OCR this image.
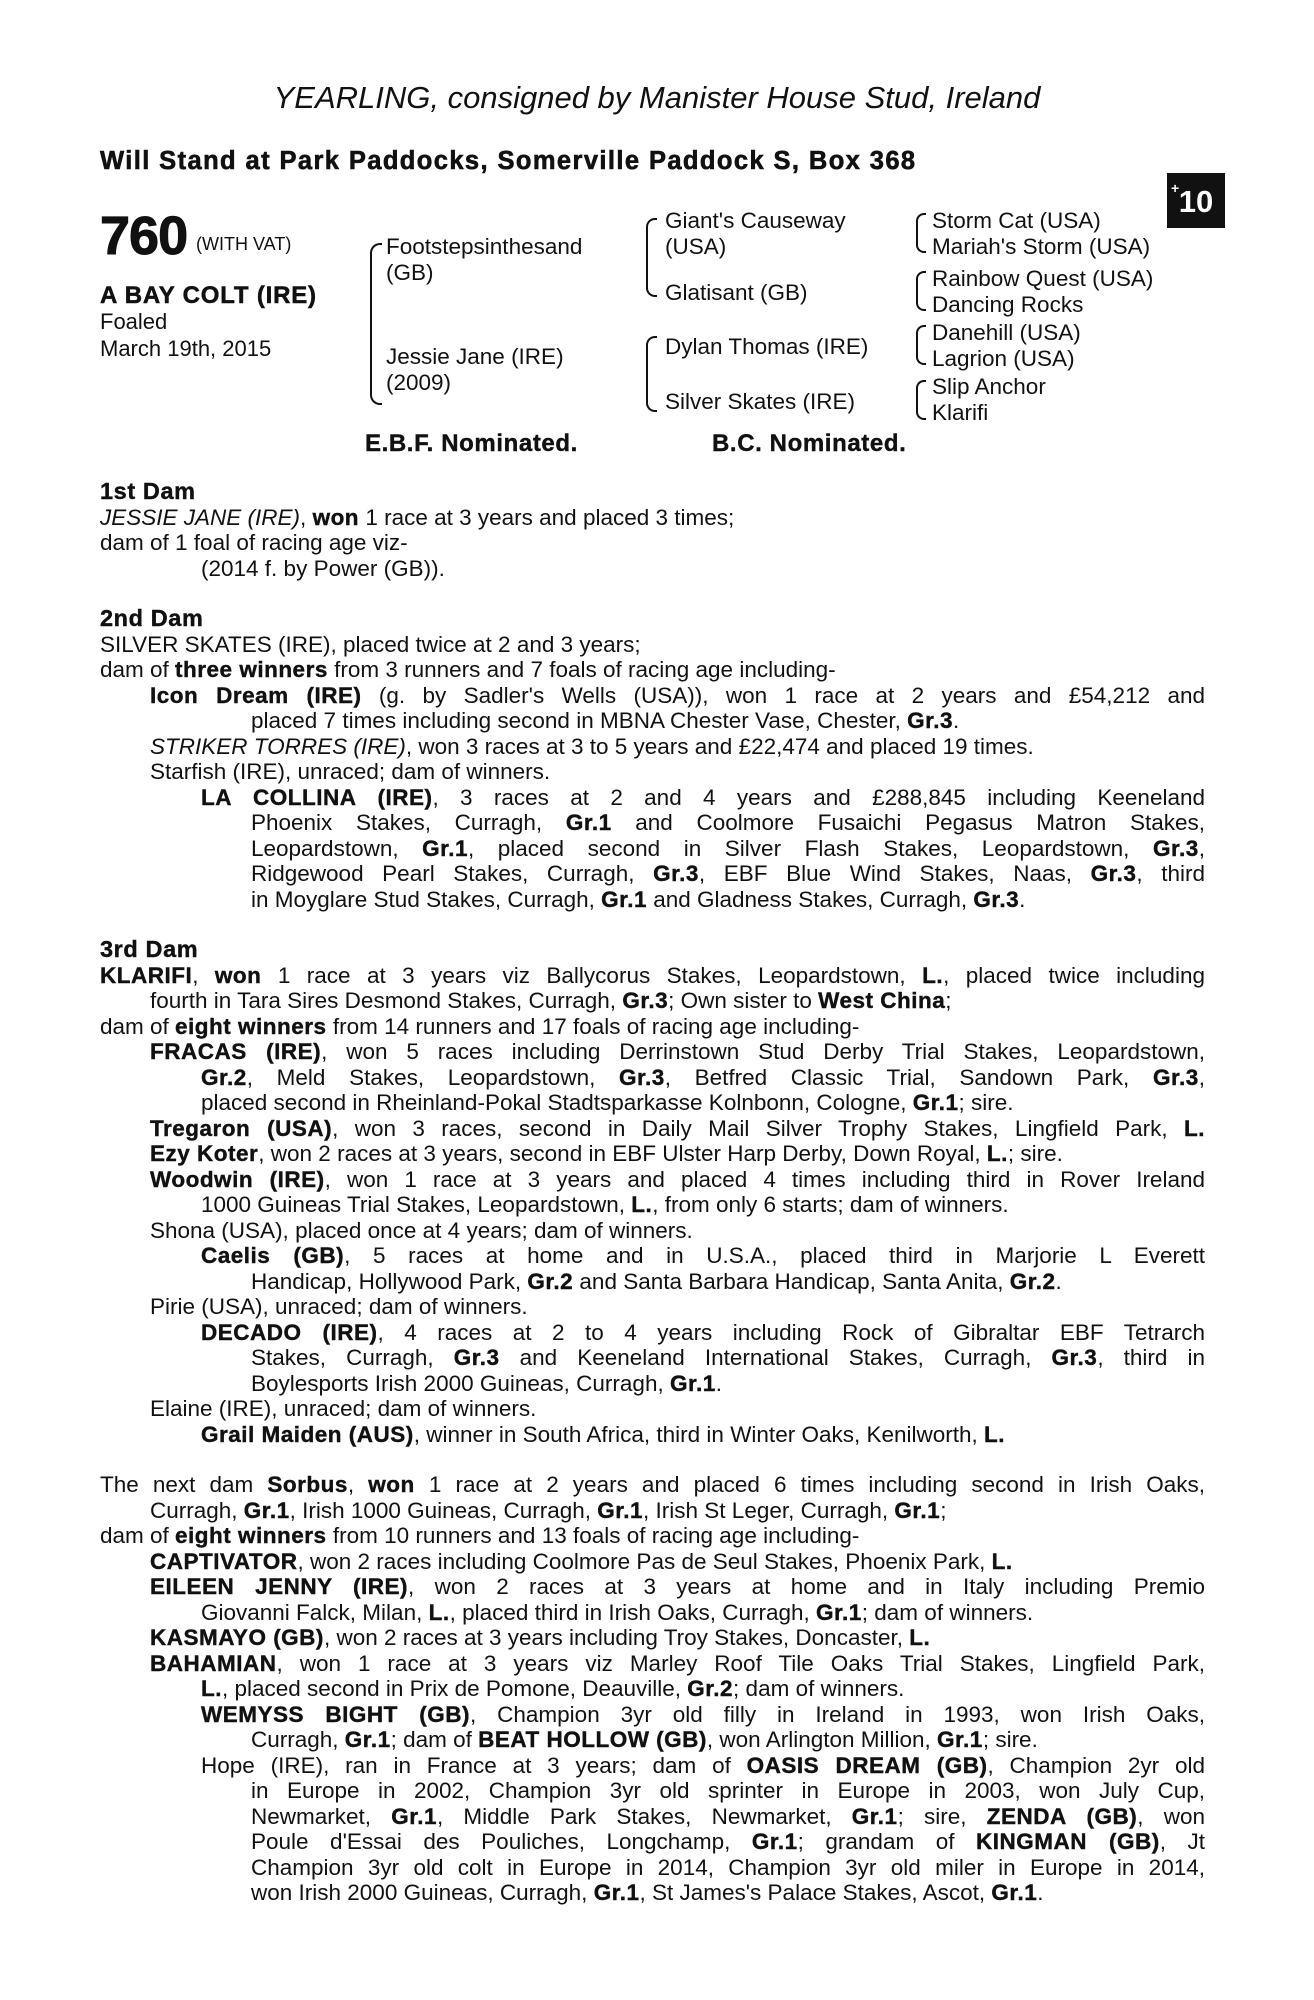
YEARLING, consigned by Manister House Stud, Ireland
Will Stand at Park Paddocks, Somerville Paddock S, Box 368
+ 10
760 (WITH VAT)
A BAY COLT (IRE)
Foaled
March 19th, 2015
Footstepsinthesand
(GB)
Jessie Jane (IRE)
(2009)
Giant's Causeway
(USA)
Glatisant (GB)
Dylan Thomas (IRE)
Silver Skates (IRE)
Storm Cat (USA)
Mariah's Storm (USA)
Rainbow Quest (USA)
Dancing Rocks
Danehill (USA)
Lagrion (USA)
Slip Anchor
Klarifi
E.B.F. Nominated.	B.C. Nominated.
1st Dam
JESSIE JANE (IRE), won 1 race at 3 years and placed 3 times;
dam of 1 foal of racing age viz-
(2014 f. by Power (GB)).
2nd Dam
SILVER SKATES (IRE), placed twice at 2 and 3 years;
dam of three winners from 3 runners and 7 foals of racing age including-
Icon Dream (IRE) (g. by Sadler's Wells (USA)), won 1 race at 2 years and £54,212 and
placed 7 times including second in MBNA Chester Vase, Chester, Gr.3.
STRIKER TORRES (IRE), won 3 races at 3 to 5 years and £22,474 and placed 19 times.
Starfish (IRE), unraced; dam of winners.
LA COLLINA (IRE), 3 races at 2 and 4 years and £288,845 including Keeneland
Phoenix Stakes, Curragh, Gr.1 and Coolmore Fusaichi Pegasus Matron Stakes,
Leopardstown, Gr.1, placed second in Silver Flash Stakes, Leopardstown, Gr.3,
Ridgewood Pearl Stakes, Curragh, Gr.3, EBF Blue Wind Stakes, Naas, Gr.3, third
in Moyglare Stud Stakes, Curragh, Gr.1 and Gladness Stakes, Curragh, Gr.3.
3rd Dam
KLARIFI, won 1 race at 3 years viz Ballycorus Stakes, Leopardstown, L., placed twice including
fourth in Tara Sires Desmond Stakes, Curragh, Gr.3; Own sister to West China;
dam of eight winners from 14 runners and 17 foals of racing age including-
FRACAS (IRE), won 5 races including Derrinstown Stud Derby Trial Stakes, Leopardstown,
Gr.2, Meld Stakes, Leopardstown, Gr.3, Betfred Classic Trial, Sandown Park, Gr.3,
placed second in Rheinland-Pokal Stadtsparkasse Kolnbonn, Cologne, Gr.1; sire.
Tregaron (USA), won 3 races, second in Daily Mail Silver Trophy Stakes, Lingfield Park, L.
Ezy Koter, won 2 races at 3 years, second in EBF Ulster Harp Derby, Down Royal, L.; sire.
Woodwin (IRE), won 1 race at 3 years and placed 4 times including third in Rover Ireland
1000 Guineas Trial Stakes, Leopardstown, L., from only 6 starts; dam of winners.
Shona (USA), placed once at 4 years; dam of winners.
Caelis (GB), 5 races at home and in U.S.A., placed third in Marjorie L Everett
Handicap, Hollywood Park, Gr.2 and Santa Barbara Handicap, Santa Anita, Gr.2.
Pirie (USA), unraced; dam of winners.
DECADO (IRE), 4 races at 2 to 4 years including Rock of Gibraltar EBF Tetrarch
Stakes, Curragh, Gr.3 and Keeneland International Stakes, Curragh, Gr.3, third in
Boylesports Irish 2000 Guineas, Curragh, Gr.1.
Elaine (IRE), unraced; dam of winners.
Grail Maiden (AUS), winner in South Africa, third in Winter Oaks, Kenilworth, L.
The next dam Sorbus, won 1 race at 2 years and placed 6 times including second in Irish Oaks,
Curragh, Gr.1, Irish 1000 Guineas, Curragh, Gr.1, Irish St Leger, Curragh, Gr.1;
dam of eight winners from 10 runners and 13 foals of racing age including-
CAPTIVATOR, won 2 races including Coolmore Pas de Seul Stakes, Phoenix Park, L.
EILEEN JENNY (IRE), won 2 races at 3 years at home and in Italy including Premio
Giovanni Falck, Milan, L., placed third in Irish Oaks, Curragh, Gr.1; dam of winners.
KASMAYO (GB), won 2 races at 3 years including Troy Stakes, Doncaster, L.
BAHAMIAN, won 1 race at 3 years viz Marley Roof Tile Oaks Trial Stakes, Lingfield Park,
L., placed second in Prix de Pomone, Deauville, Gr.2; dam of winners.
WEMYSS BIGHT (GB), Champion 3yr old filly in Ireland in 1993, won Irish Oaks,
Curragh, Gr.1; dam of BEAT HOLLOW (GB), won Arlington Million, Gr.1; sire.
Hope (IRE), ran in France at 3 years; dam of OASIS DREAM (GB), Champion 2yr old
in Europe in 2002, Champion 3yr old sprinter in Europe in 2003, won July Cup,
Newmarket, Gr.1, Middle Park Stakes, Newmarket, Gr.1; sire, ZENDA (GB), won
Poule d'Essai des Pouliches, Longchamp, Gr.1; grandam of KINGMAN (GB), Jt
Champion 3yr old colt in Europe in 2014, Champion 3yr old miler in Europe in 2014,
won Irish 2000 Guineas, Curragh, Gr.1, St James's Palace Stakes, Ascot, Gr.1.
